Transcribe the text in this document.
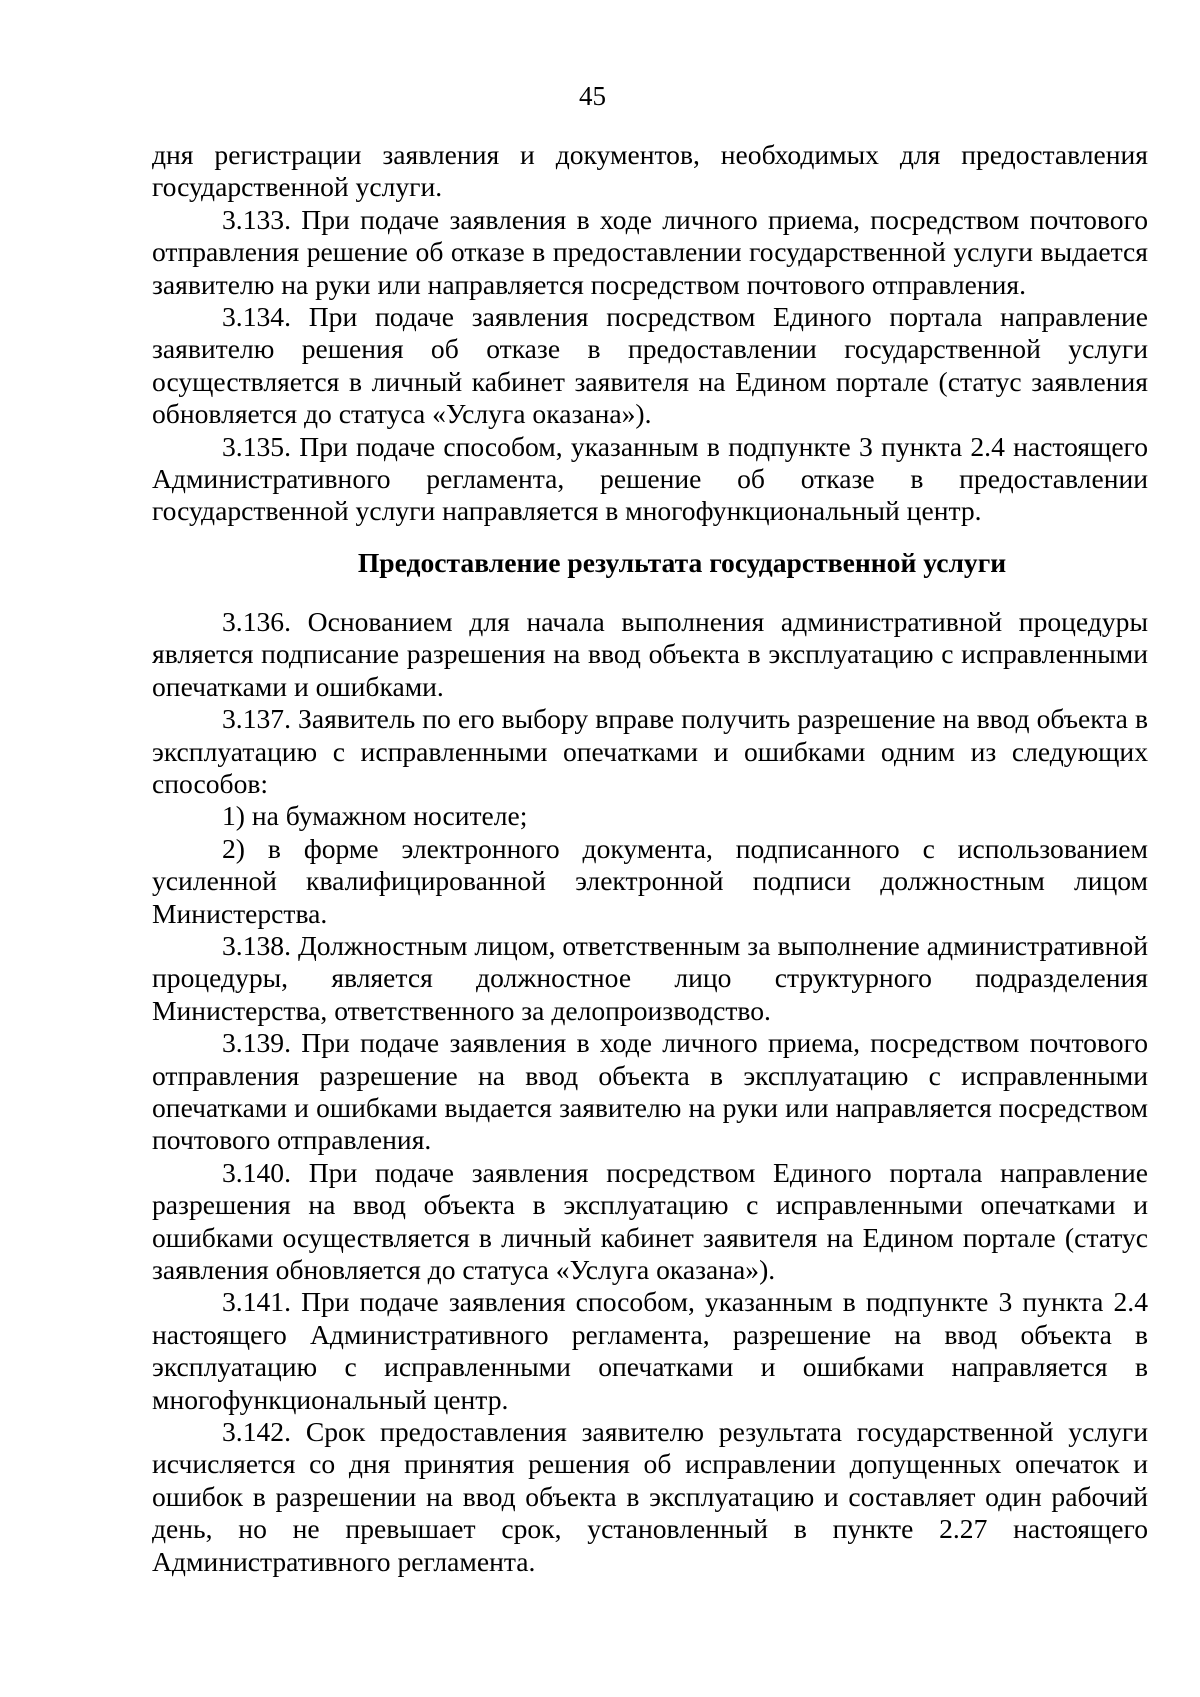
45

дня регистрации заявления и документов, необходимых для предоставления государственной услуги.

3.133. При подаче заявления в ходе личного приема, посредством почтового отправления решение об отказе в предоставлении государственной услуги выдается заявителю на руки или направляется посредством почтового отправления.

3.134. При подаче заявления посредством Единого портала направление заявителю решения об отказе в предоставлении государственной услуги осуществляется в личный кабинет заявителя на Едином портале (статус заявления обновляется до статуса «Услуга оказана»).

3.135. При подаче способом, указанным в подпункте 3 пункта 2.4 настоящего Административного регламента, решение об отказе в предоставлении государственной услуги направляется в многофункциональный центр.

Предоставление результата государственной услуги

3.136. Основанием для начала выполнения административной процедуры является подписание разрешения на ввод объекта в эксплуатацию с исправленными опечатками и ошибками.

3.137. Заявитель по его выбору вправе получить разрешение на ввод объекта в эксплуатацию с исправленными опечатками и ошибками одним из следующих способов:

1) на бумажном носителе;

2) в форме электронного документа, подписанного с использованием усиленной квалифицированной электронной подписи должностным лицом Министерства.

3.138. Должностным лицом, ответственным за выполнение административной процедуры, является должностное лицо структурного подразделения Министерства, ответственного за делопроизводство.

3.139. При подаче заявления в ходе личного приема, посредством почтового отправления разрешение на ввод объекта в эксплуатацию с исправленными опечатками и ошибками выдается заявителю на руки или направляется посредством почтового отправления.

3.140. При подаче заявления посредством Единого портала направление разрешения на ввод объекта в эксплуатацию с исправленными опечатками и ошибками осуществляется в личный кабинет заявителя на Едином портале (статус заявления обновляется до статуса «Услуга оказана»).

3.141. При подаче заявления способом, указанным в подпункте 3 пункта 2.4 настоящего Административного регламента, разрешение на ввод объекта в эксплуатацию с исправленными опечатками и ошибками направляется в многофункциональный центр.

3.142. Срок предоставления заявителю результата государственной услуги исчисляется со дня принятия решения об исправлении допущенных опечаток и ошибок в разрешении на ввод объекта в эксплуатацию и составляет один рабочий день, но не превышает срок, установленный в пункте 2.27 настоящего Административного регламента.
